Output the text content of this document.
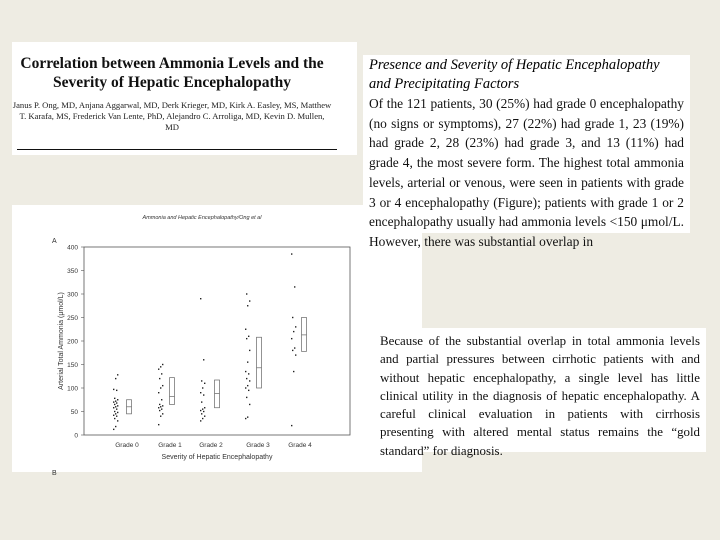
Correlation between Ammonia Levels and the Severity of Hepatic Encephalopathy
Janus P. Ong, MD, Anjana Aggarwal, MD, Derk Krieger, MD, Kirk A. Easley, MS, Matthew T. Karafa, MS, Frederick Van Lente, PhD, Alejandro C. Arroliga, MD, Kevin D. Mullen, MD
Ammonia and Hepatic Encephalopathy/Ong et al
A
B
Arterial Total Ammonia (μmol/L)
Severity of Hepatic Encephalopathy
0
50
100
150
200
250
300
350
400
Grade 0	Grade 1	Grade 2	Grade 3	Grade 4
Presence and Severity of Hepatic Encephalopathy and Precipitating Factors
Of the 121 patients, 30 (25%) had grade 0 encephalopathy (no signs or symptoms), 27 (22%) had grade 1, 23 (19%) had grade 2, 28 (23%) had grade 3, and 13 (11%) had grade 4, the most severe form. The highest total ammonia levels, arterial or venous, were seen in patients with grade 3 or 4 encephalopathy (Figure); patients with grade 1 or 2 encephalopathy usually had ammonia levels <150 μmol/L. However, there was substantial overlap in
Because of the substantial overlap in total ammonia levels and partial pressures between cirrhotic patients with and without hepatic encephalopathy, a single level has little clinical utility in the diagnosis of hepatic encephalopathy. A careful clinical evaluation in patients with cirrhosis presenting with altered mental status remains the “gold standard” for diagnosis.
